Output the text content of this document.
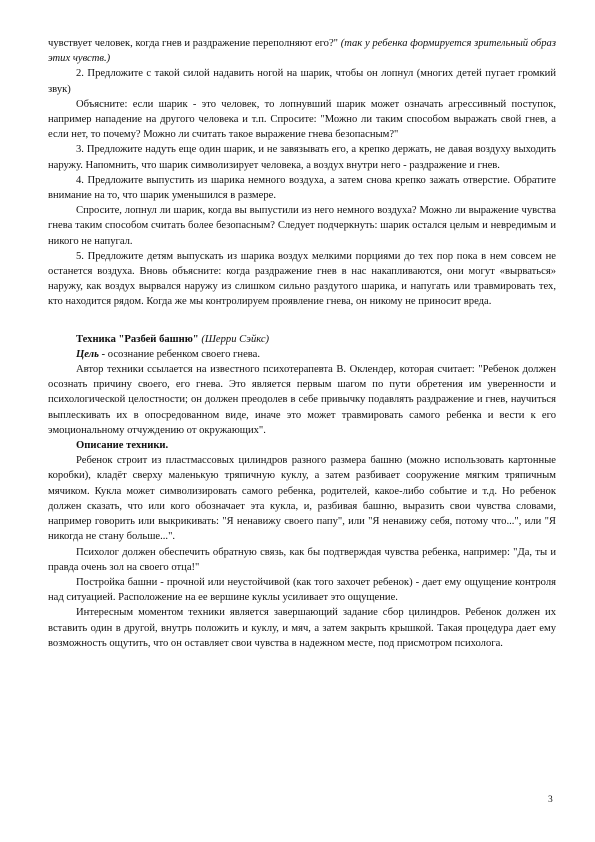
чувствует человек, когда гнев и раздражение переполняют его?" (так у ребенка формируется зрительный образ этих чувств.)

2. Предложите с такой силой надавить ногой на шарик, чтобы он лопнул (многих детей пугает громкий звук)

Объясните: если шарик - это человек, то лопнувший шарик может означать агрессивный поступок, например нападение на другого человека и т.п. Спросите: "Можно ли таким способом выражать свой гнев, а если нет, то почему? Можно ли считать такое выражение гнева безопасным?"

3. Предложите надуть еще один шарик, и не завязывать его, а крепко держать, не давая воздуху выходить наружу. Напомнить, что шарик символизирует человека, а воздух внутри него - раздражение и гнев.

4. Предложите выпустить из шарика немного воздуха, а затем снова крепко зажать отверстие. Обратите внимание на то, что шарик уменьшился в размере.

Спросите, лопнул ли шарик, когда вы выпустили из него немного воздуха? Можно ли выражение чувства гнева таким способом считать более безопасным? Следует подчеркнуть: шарик остался целым и невредимым и никого не напугал.

5. Предложите детям выпускать из шарика воздух мелкими порциями до тех пор пока в нем совсем не останется воздуха. Вновь объясните: когда раздражение гнев в нас накапливаются, они могут «вырваться» наружу, как воздух вырвался наружу из слишком сильно раздутого шарика, и напугать или травмировать тех, кто находится рядом. Когда же мы контролируем проявление гнева, он никому не приносит вреда.

Техника "Разбей башню" (Шерри Сэйкс)

Цель - осознание ребенком своего гнева.

Автор техники ссылается на известного психотерапевта В. Оклендер, которая считает: "Ребенок должен осознать причину своего, его гнева. Это является первым шагом по пути обретения им уверенности и психологической целостности; он должен преодолев в себе привычку подавлять раздражение и гнев, научиться выплескивать их в опосредованном виде, иначе это может травмировать самого ребенка и вести к его эмоциональному отчуждению от окружающих".

Описание техники.

Ребенок строит из пластмассовых цилиндров разного размера башню (можно использовать картонные коробки), кладёт сверху маленькую тряпичную куклу, а затем разбивает сооружение мягким тряпичным мячиком. Кукла может символизировать самого ребенка, родителей, какое-либо событие и т.д. Но ребенок должен сказать, что или кого обозначает эта кукла, и, разбивая башню, выразить свои чувства словами, например говорить или выкрикивать: "Я ненавижу своего папу", или "Я ненавижу себя, потому что...", или "Я никогда не стану больше...".

Психолог должен обеспечить обратную связь, как бы подтверждая чувства ребенка, например: "Да, ты и правда очень зол на своего отца!"

Постройка башни - прочной или неустойчивой (как того захочет ребенок) - дает ему ощущение контроля над ситуацией. Расположение на ее вершине куклы усиливает это ощущение.

Интересным моментом техники является завершающий задание сбор цилиндров. Ребенок должен их вставить один в другой, внутрь положить и куклу, и мяч, а затем закрыть крышкой. Такая процедура дает ему возможность ощутить, что он оставляет свои чувства в надежном месте, под присмотром психолога.

3
